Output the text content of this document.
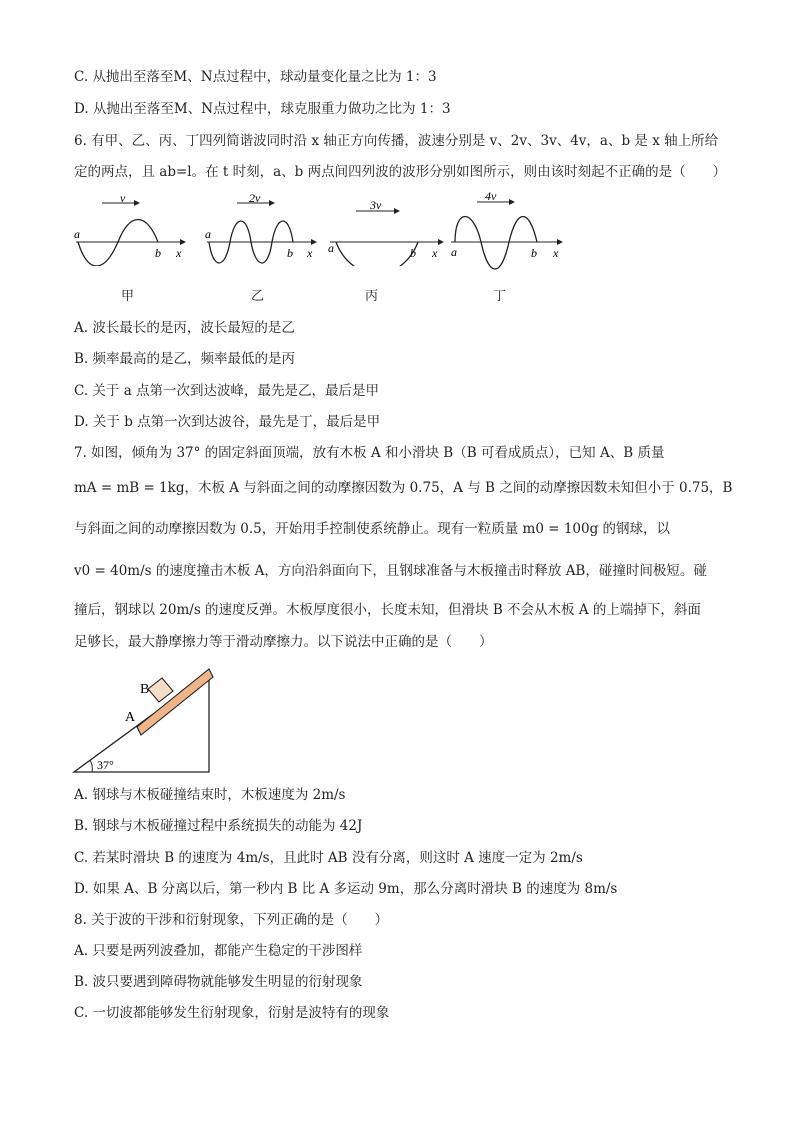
C. 从抛出至落至M、N点过程中，球动量变化量之比为 1：3
D. 从抛出至落至M、N点过程中，球克服重力做功之比为 1：3
6. 有甲、乙、丙、丁四列简谐波同时沿 x 轴正方向传播，波速分别是 v、2v、3v、4v，a、b 是 x 轴上所给
定的两点，且 ab=l。在 t 时刻，a、b 两点间四列波的波形分别如图所示，则由该时刻起不正确的是（　　）
v
a
b x
甲
2v
a
b x
乙
3v
a	b x
丙
4v
a	b x
丁
A. 波长最长的是丙，波长最短的是乙
B. 频率最高的是乙，频率最低的是丙
C. 关于 a 点第一次到达波峰，最先是乙，最后是甲
D. 关于 b 点第一次到达波谷，最先是丁，最后是甲
7. 如图，倾角为 37° 的固定斜面顶端，放有木板 A 和小滑块 B（B 可看成质点），已知 A、B 质量
mA = mB = 1kg，木板 A 与斜面之间的动摩擦因数为 0.75，A 与 B 之间的动摩擦因数未知但小于 0.75，B
与斜面之间的动摩擦因数为 0.5，开始用手控制使系统静止。现有一粒质量 m0 = 100g 的钢球，以
v0 = 40m/s 的速度撞击木板 A，方向沿斜面向下，且钢球准备与木板撞击时释放 AB，碰撞时间极短。碰
撞后，钢球以 20m/s 的速度反弹。木板厚度很小，长度未知，但滑块 B 不会从木板 A 的上端掉下，斜面
足够长，最大静摩擦力等于滑动摩擦力。以下说法中正确的是（　　）
B
A
37°
A. 钢球与木板碰撞结束时，木板速度为 2m/s
B. 钢球与木板碰撞过程中系统损失的动能为 42J
C. 若某时滑块 B 的速度为 4m/s，且此时 AB 没有分离，则这时 A 速度一定为 2m/s
D. 如果 A、B 分离以后，第一秒内 B 比 A 多运动 9m，那么分离时滑块 B 的速度为 8m/s
8. 关于波的干涉和衍射现象，下列正确的是（　　）
A. 只要是两列波叠加，都能产生稳定的干涉图样
B. 波只要遇到障碍物就能够发生明显的衍射现象
C. 一切波都能够发生衍射现象，衍射是波特有的现象
